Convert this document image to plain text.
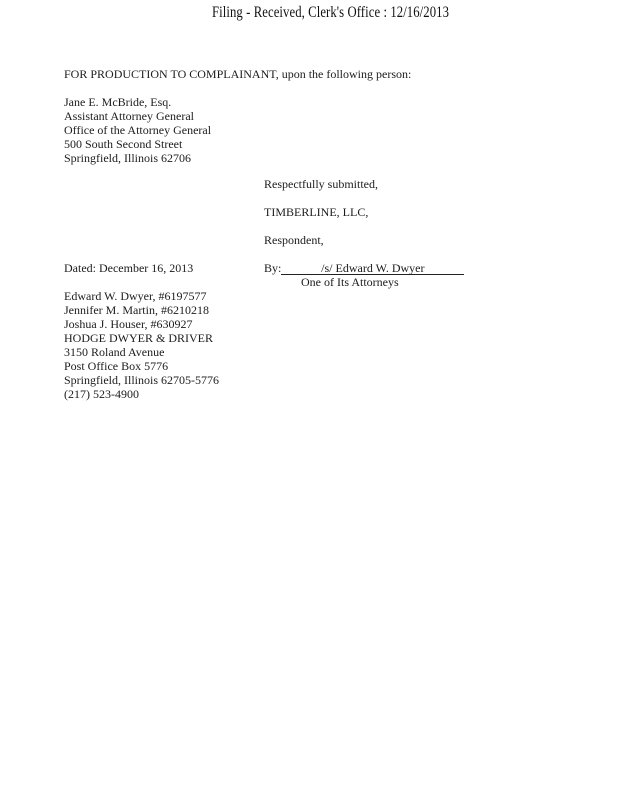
Filing - Received, Clerk's Office : 12/16/2013
FOR PRODUCTION TO COMPLAINANT, upon the following person:
Jane E. McBride, Esq.
Assistant Attorney General
Office of the Attorney General
500 South Second Street
Springfield, Illinois 62706
Respectfully submitted,
TIMBERLINE, LLC,
Respondent,
Dated: December 16, 2013	By:	/s/ Edward W. Dwyer
One of Its Attorneys
Edward W. Dwyer, #6197577
Jennifer M. Martin, #6210218
Joshua J. Houser, #630927
HODGE DWYER & DRIVER
3150 Roland Avenue
Post Office Box 5776
Springfield, Illinois 62705-5776
(217) 523-4900
